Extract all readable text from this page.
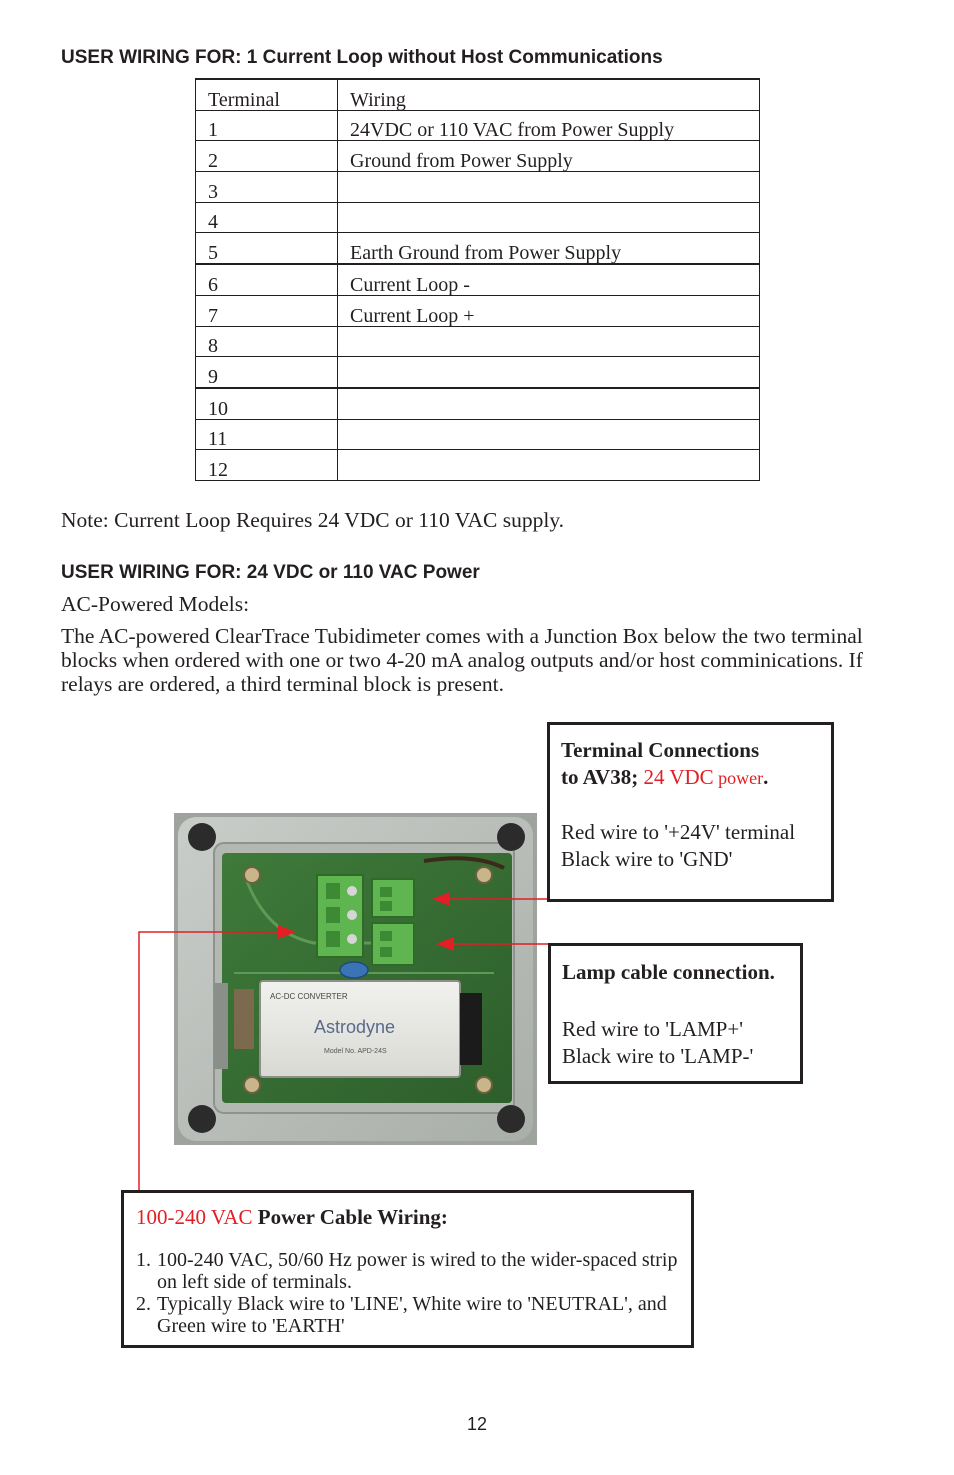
USER WIRING FOR: 1 Current Loop without Host Communications
Terminal	Wiring
1	24VDC or 110 VAC from Power Supply
2	Ground from Power Supply
3	
4	
5	Earth Ground from Power Supply
6	Current Loop -
7	Current Loop +
8	
9	
10	
11	
12	
Note: Current Loop Requires 24 VDC or 110 VAC supply.
USER WIRING FOR: 24 VDC or 110 VAC Power
AC-Powered Models:
The AC-powered ClearTrace Tubidimeter comes with a Junction Box below the two terminal blocks when ordered with one or two 4-20 mA analog outputs and/or host comminications. If relays are ordered, a third terminal block is present.
AC-DC CONVERTER
Astrodyne
Model No. APD-24S
Terminal Connections
to AV38; 24 VDC power.
Red wire to '+24V' terminal
Black wire to 'GND'
Lamp cable connection.
Red wire to 'LAMP+'
Black wire to 'LAMP-'
100-240 VAC Power Cable Wiring:
1. 100-240 VAC, 50/60 Hz power is wired to the wider-spaced strip on left side of terminals.
2. Typically Black wire to 'LINE', White wire to 'NEUTRAL', and Green wire to 'EARTH'
12
